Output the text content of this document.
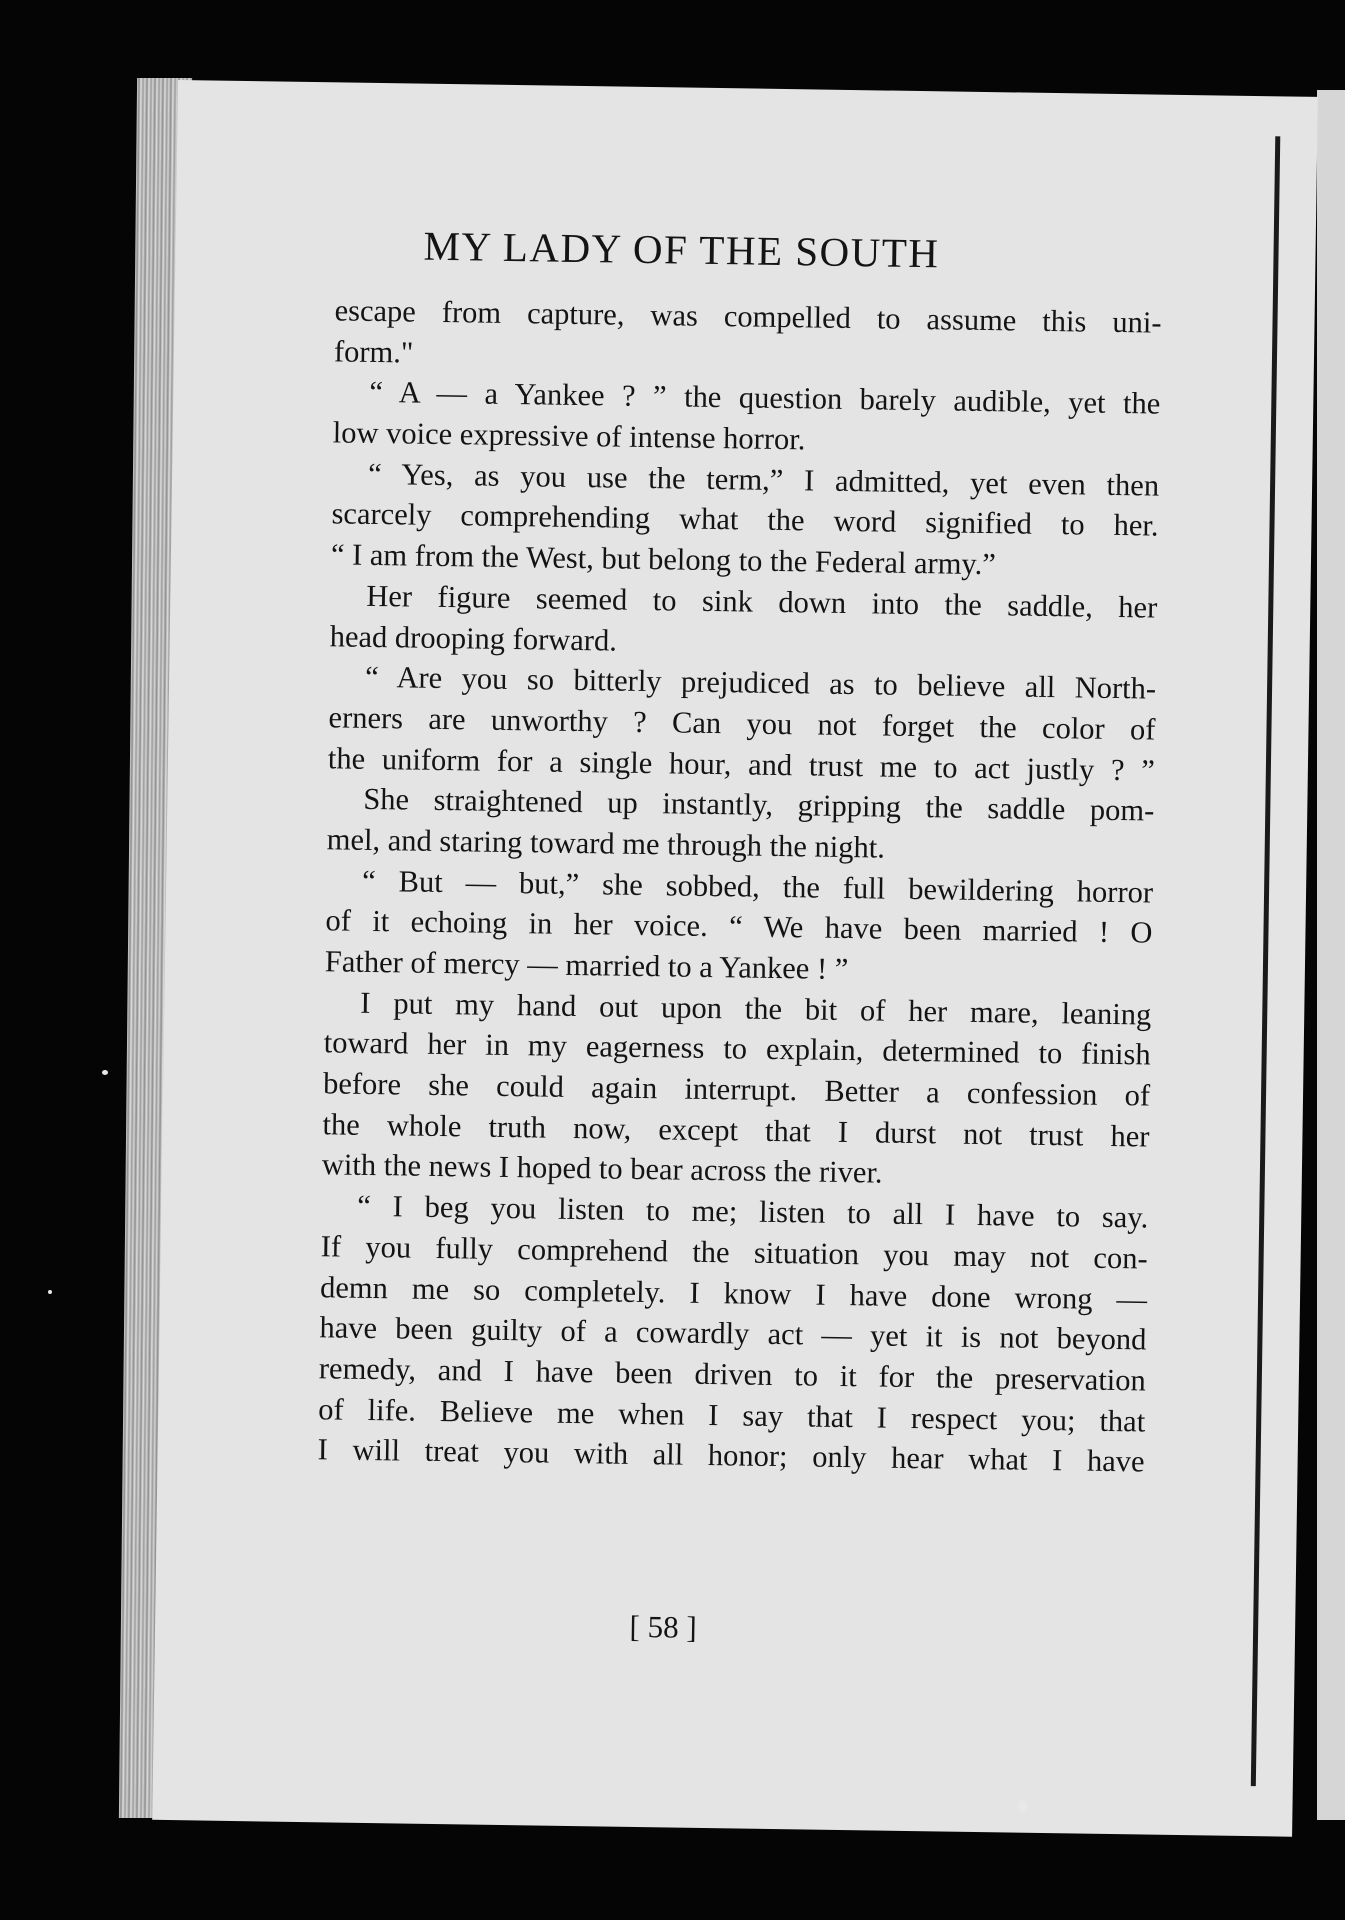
MY LADY OF THE SOUTH
escape from capture, was compelled to assume this uni-
form."
“ A — a Yankee ? ” the question barely audible, yet the
low voice expressive of intense horror.
“ Yes, as you use the term,” I admitted, yet even then
scarcely comprehending what the word signified to her.
“ I am from the West, but belong to the Federal army.”
Her figure seemed to sink down into the saddle, her
head drooping forward.
“ Are you so bitterly prejudiced as to believe all North-
erners are unworthy ? Can you not forget the color of
the uniform for a single hour, and trust me to act justly ? ”
She straightened up instantly, gripping the saddle pom-
mel, and staring toward me through the night.
“ But — but,” she sobbed, the full bewildering horror
of it echoing in her voice. “ We have been married ! O
Father of mercy — married to a Yankee ! ”
I put my hand out upon the bit of her mare, leaning
toward her in my eagerness to explain, determined to finish
before she could again interrupt. Better a confession of
the whole truth now, except that I durst not trust her
with the news I hoped to bear across the river.
“ I beg you listen to me; listen to all I have to say.
If you fully comprehend the situation you may not con-
demn me so completely. I know I have done wrong —
have been guilty of a cowardly act — yet it is not beyond
remedy, and I have been driven to it for the preservation
of life. Believe me when I say that I respect you; that
I will treat you with all honor; only hear what I have
[ 58 ]
